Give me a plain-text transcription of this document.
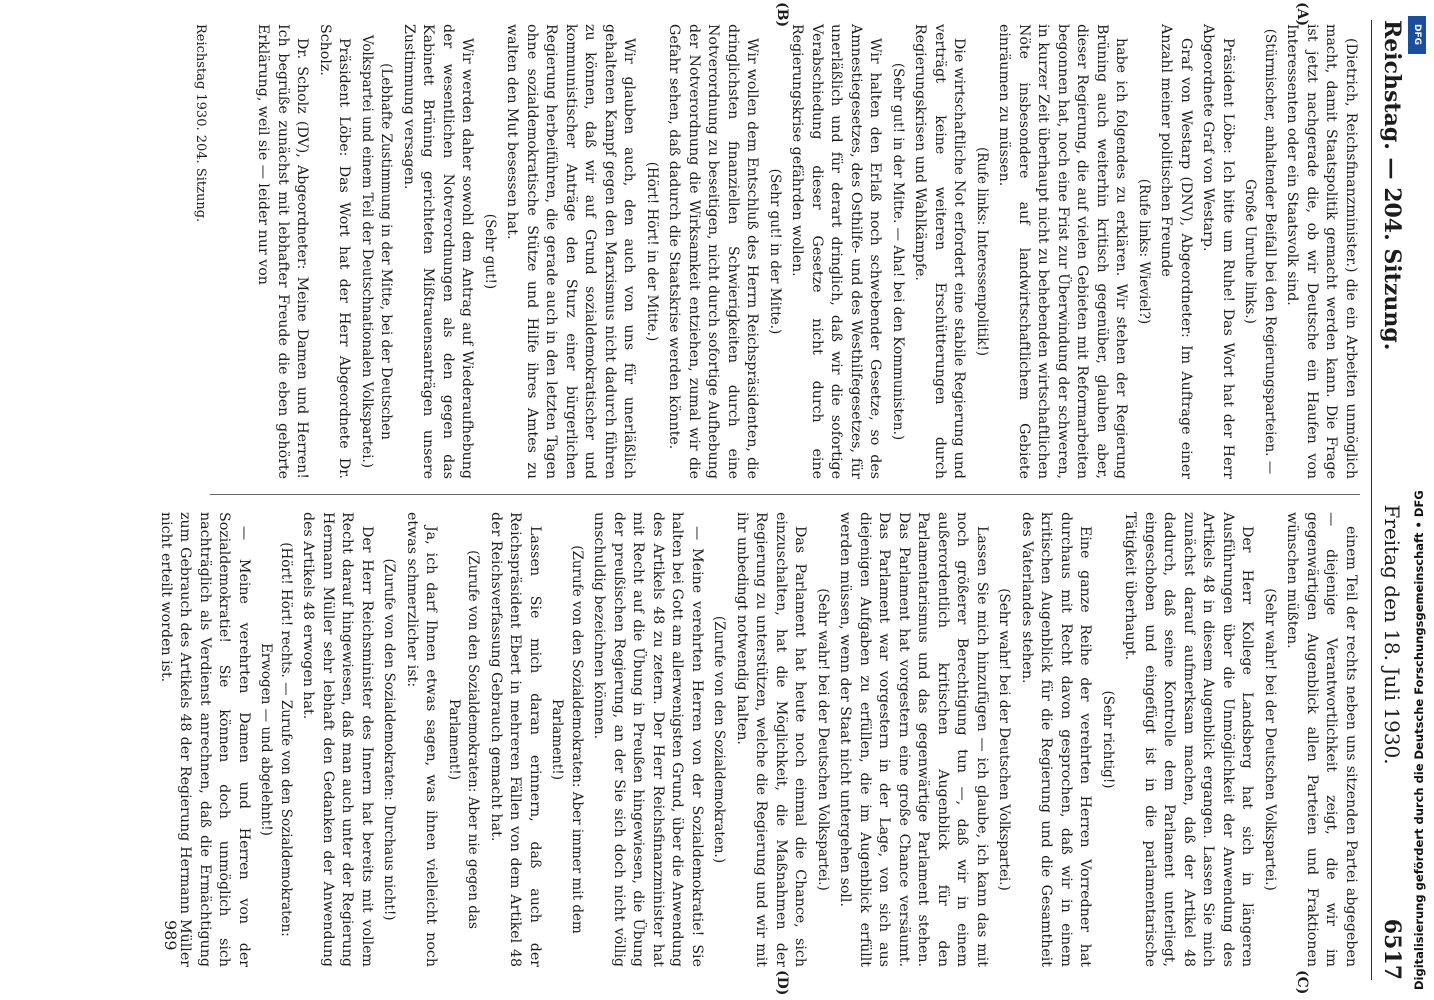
Reichstag. — 204. Sitzung.
Freitag den 18. Juli 1930.
6517
(A)
(B)
(C)
(D)

(Dietrich, Reichsfinanzminister.) die ein Arbeiten unmöglich macht, damit Staatspolitik gemacht werden kann. Die Frage ist jetzt nachgerade die, ob wir Deutsche ein Haufen von Interessenten oder ein Staatsvolk sind.

(Stürmischer, anhaltender Beifall bei den Regierungsparteien. — Große Unruhe links.)

Präsident Löbe: Ich bitte um Ruhe! Das Wort hat der Herr Abgeordnete Graf von Westarp.

Graf von Westarp (DNV), Abgeordneter: Im Auftrage einer Anzahl meiner politischen Freunde

(Rufe links: Wieviel?)

habe ich folgendes zu erklären. Wir stehen der Regierung Brüning auch weiterhin kritisch gegenüber, glauben aber, dieser Regierung, die auf vielen Gebieten mit Reformarbeiten begonnen hat, noch eine Frist zur Überwindung der schweren, in kurzer Zeit überhaupt nicht zu behebenden wirtschaftlichen Nöte insbesondere auf landwirtschaftlichem Gebiete einräumen zu müssen.

(Rufe links: Interessenpolitik!)

Die wirtschaftliche Not erfordert eine stabile Regierung und verträgt keine weiteren Erschütterungen durch Regierungskrisen und Wahlkämpfe.

(Sehr gut! in der Mitte. — Aha! bei den Kommunisten.)

Wir halten den Erlaß noch schwebender Gesetze, so des Amnestiegesetzes, des Osthilfe- und des Westhilfegesetzes, für unerläßlich und für derart dringlich, daß wir die sofortige Verabschiedung dieser Gesetze nicht durch eine Regierungskrise gefährden wollen.

(Sehr gut! in der Mitte.)

Wir wollen dem Entschluß des Herrn Reichspräsidenten, die dringlichsten finanziellen Schwierigkeiten durch eine Notverordnung zu beseitigen, nicht durch sofortige Aufhebung der Notverordnung die Wirksamkeit entziehen, zumal wir die Gefahr sehen, daß dadurch die Staatskrise werden könnte.

(Hört! Hört! in der Mitte.)

Wir glauben auch, den auch von uns für unerläßlich gehaltenen Kampf gegen den Marxismus nicht dadurch führen zu können, daß wir auf Grund sozialdemokratischer und kommunistischer Anträge den Sturz einer bürgerlichen Regierung herbeiführen, die gerade auch in den letzten Tagen ohne sozialdemokratische Stütze und Hilfe ihres Amtes zu walten den Mut besessen hat.

(Sehr gut!)

Wir werden daher sowohl dem Antrag auf Wiederaufhebung der wesentlichen Notverordnungen als den gegen das Kabinett Brüning gerichteten Mißtrauensanträgen unsere Zustimmung versagen.

(Lebhafte Zustimmung in der Mitte, bei der Deutschen Volkspartei und einem Teil der Deutschnationalen Volkspartei.)

Präsident Löbe: Das Wort hat der Herr Abgeordnete Dr. Scholz.

Dr. Scholz (DV), Abgeordneter: Meine Damen und Herren! Ich begrüße zunächst mit lebhafter Freude die eben gehörte Erklärung, weil sie — leider nur von

einem Teil der rechts neben uns sitzenden Partei abgegeben — diejenige Verantwortlichkeit zeigt, die wir im gegenwärtigen Augenblick allen Parteien und Fraktionen wünschen müßten.

(Sehr wahr! bei der Deutschen Volkspartei.)

Der Herr Kollege Landsberg hat sich in längeren Ausführungen über die Unmöglichkeit der Anwendung des Artikels 48 in diesem Augenblick ergangen. Lassen Sie mich zunächst darauf aufmerksam machen, daß der Artikel 48 dadurch, daß seine Kontrolle dem Parlament unterliegt, eingeschoben und eingefügt ist in die parlamentarische Tätigkeit überhaupt.

(Sehr richtig!)

Eine ganze Reihe der verehrten Herren Vorredner hat durchaus mit Recht davon gesprochen, daß wir in einem kritischen Augenblick für die Regierung und die Gesamtheit des Vaterlandes stehen.

(Sehr wahr! bei der Deutschen Volkspartei.)

Lassen Sie mich hinzufügen — ich glaube, ich kann das mit noch größerer Berechtigung tun —, daß wir in einem außerordentlich kritischen Augenblick für den Parlamentarismus und das gegenwärtige Parlament stehen. Das Parlament hat vorgestern eine große Chance versäumt. Das Parlament war vorgestern in der Lage, von sich aus diejenigen Aufgaben zu erfüllen, die im Augenblick erfüllt werden müssen, wenn der Staat nicht untergehen soll.

(Sehr wahr! bei der Deutschen Volkspartei.)

Das Parlament hat heute noch einmal die Chance, sich einzuschalten, hat die Möglichkeit, die Maßnahmen der Regierung zu unterstützen, welche die Regierung und wir mit ihr unbedingt notwendig halten.

(Zurufe von den Sozialdemokraten.)

— Meine verehrten Herren von der Sozialdemokratie! Sie halten bei Gott am allerwenigsten Grund, über die Anwendung des Artikels 48 zu zetern. Der Herr Reichsfinanzminister hat mit Recht auf die Übung in Preußen hingewiesen, die Übung der preußischen Regierung, an der Sie sich doch nicht völlig unschuldig bezeichnen können.

(Zurufe von den Sozialdemokraten: Aber immer mit dem Parlament!)

Lassen Sie mich daran erinnern, daß auch der Reichspräsident Ebert in mehreren Fällen von dem Artikel 48 der Reichsverfassung Gebrauch gemacht hat.

(Zurufe von den Sozialdemokraten: Aber nie gegen das Parlament!)

Ja, ich darf Ihnen etwas sagen, was ihnen vielleicht noch etwas schmerzlicher ist:

(Zurufe von den Sozialdemokraten: Durchaus nicht!)

Der Herr Reichsminister des Innern hat bereits mit vollem Recht darauf hingewiesen, daß man auch unter der Regierung Hermann Müller sehr lebhaft den Gedanken der Anwendung des Artikels 48 erwogen hat.

(Hört! Hört! rechts. — Zurufe von den Sozialdemokraten: Erwogen — und abgelehnt!)

— Meine verehrten Damen und Herren von der Sozialdemokratie! Sie können doch unmöglich sich nachträglich als Verdienst anrechnen, daß die Ermächtigung zum Gebrauch des Artikels 48 der Regierung Hermann Müller nicht erteilt worden ist.

Reichstag 1930. 204. Sitzung.
989	Digitalisierung gefördert durch die Deutsche Forschungsgemeinschaft • DFG
DFG
